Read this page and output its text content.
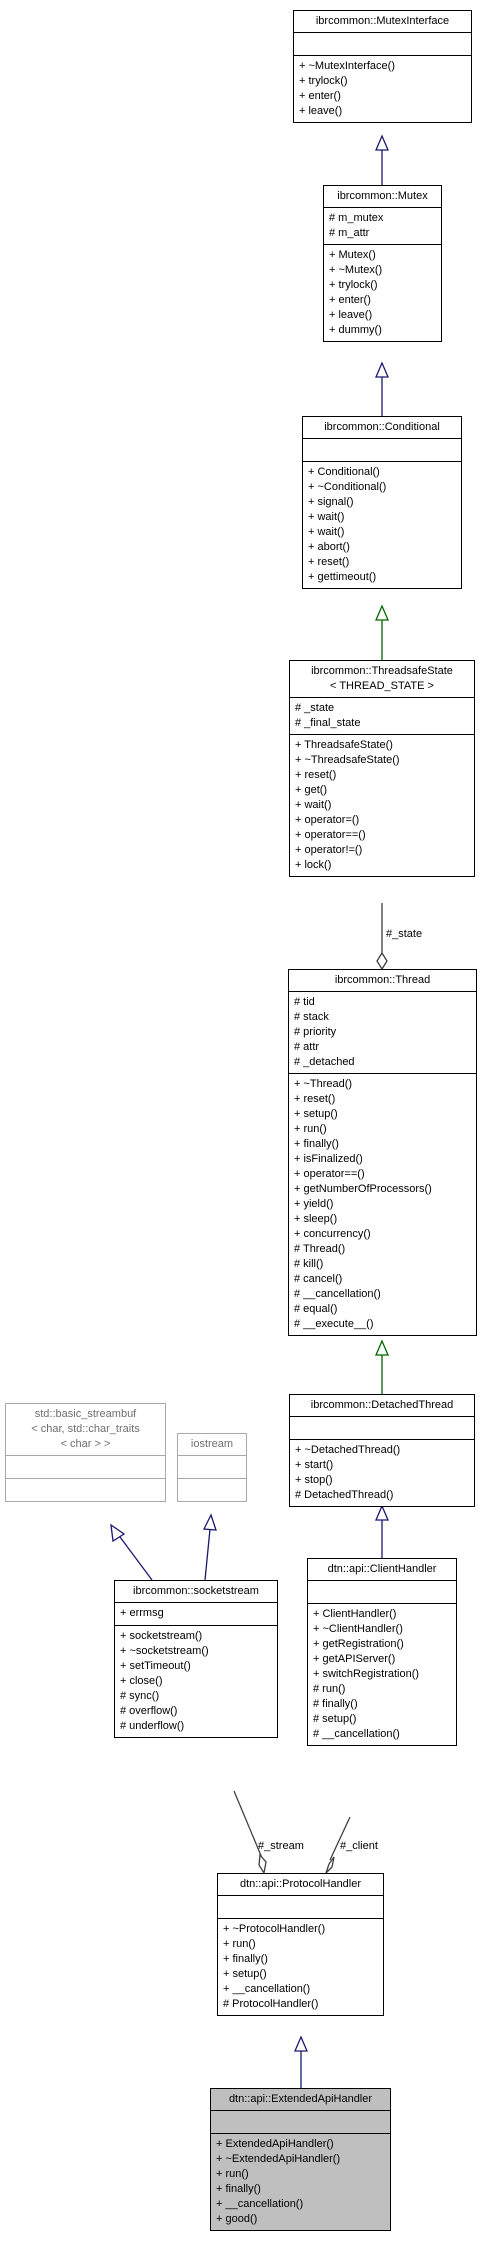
#_state
#_stream	#_client
ibrcommon::MutexInterface
+ ~MutexInterface()
+ trylock()
+ enter()
+ leave()
ibrcommon::Mutex
# m_mutex
# m_attr
+ Mutex()
+ ~Mutex()
+ trylock()
+ enter()
+ leave()
+ dummy()
ibrcommon::Conditional
+ Conditional()
+ ~Conditional()
+ signal()
+ wait()
+ wait()
+ abort()
+ reset()
+ gettimeout()
ibrcommon::ThreadsafeState
< THREAD_STATE >
# _state
# _final_state
+ ThreadsafeState()
+ ~ThreadsafeState()
+ reset()
+ get()
+ wait()
+ operator=()
+ operator==()
+ operator!=()
+ lock()
ibrcommon::Thread
# tid
# stack
# priority
# attr
# _detached
+ ~Thread()
+ reset()
+ setup()
+ run()
+ finally()
+ isFinalized()
+ operator==()
+ getNumberOfProcessors()
+ yield()
+ sleep()
+ concurrency()
# Thread()
# kill()
# cancel()
# __cancellation()
# equal()
# __execute__()
ibrcommon::DetachedThread
+ ~DetachedThread()
+ start()
+ stop()
# DetachedThread()
std::basic_streambuf
< char, std::char_traits
< char > >	iostream
ibrcommon::socketstream
+ errmsg
+ socketstream()
+ ~socketstream()
+ setTimeout()
+ close()
# sync()
# overflow()
# underflow()
dtn::api::ClientHandler
+ ClientHandler()
+ ~ClientHandler()
+ getRegistration()
+ getAPIServer()
+ switchRegistration()
# run()
# finally()
# setup()
# __cancellation()
dtn::api::ProtocolHandler
+ ~ProtocolHandler()
+ run()
+ finally()
+ setup()
+ __cancellation()
# ProtocolHandler()
dtn::api::ExtendedApiHandler
+ ExtendedApiHandler()
+ ~ExtendedApiHandler()
+ run()
+ finally()
+ __cancellation()
+ good()
